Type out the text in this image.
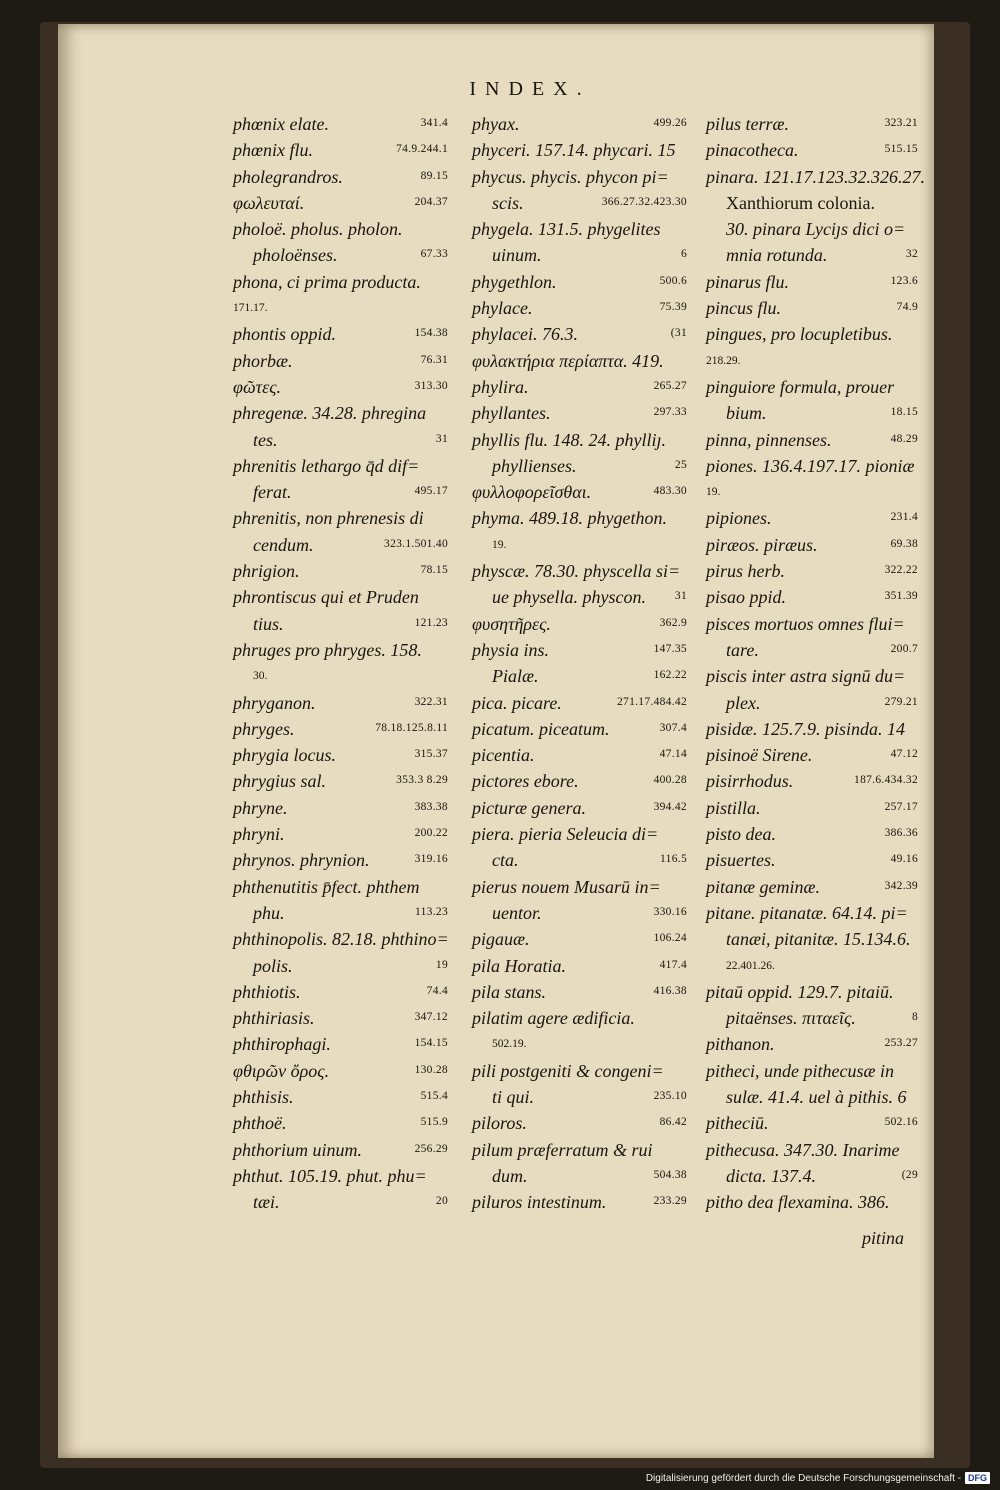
INDEX.
phœnix elate.	341.4
phœnix flu.	74.9.244.1
pholegrandros.	89.15
φωλευταί.	204.37
pholoë. pholus. pholon.
pholoënses.	67.33
phona, ci prima producta.
171.17.
phontis oppid.	154.38
phorbæ.	76.31
φῶτες.	313.30
phregenæ. 34.28. phregina
tes.	31
phrenitis lethargo q̄d dif=
ferat.	495.17
phrenitis, non phrenesis di
cendum.	323.1.501.40
phrigion.	78.15
phrontiscus qui et Pruden
tius.	121.23
phruges pro phryges. 158.
30.
phryganon.	322.31
phryges.	78.18.125.8.11
phrygia locus.	315.37
phrygius sal.	353.3 8.29
phryne.	383.38
phryni.	200.22
phrynos. phrynion.	319.16
phthenutitis p̄fect. phthem
phu.	113.23
phthinopolis. 82.18. phthino=
polis.	19
phthiotis.	74.4
phthiriasis.	347.12
phthirophagi.	154.15
φθιρῶν ὄρος.	130.28
phthisis.	515.4
phthoë.	515.9
phthorium uinum.	256.29
phthut. 105.19. phut. phu=
tæi.	20
phyax.	499.26
phyceri. 157.14. phycari. 15
phycus. phycis. phycon pi=
scis.	366.27.32.423.30
phygela. 131.5. phygelites
uinum.	6
phygethlon.	500.6
phylace.	75.39
phylacei. 76.3.	(31
φυλακτήρια περίαπτα. 419.
phylira.	265.27
phyllantes.	297.33
phyllis flu. 148. 24. phylliȷ.
phyllienses.	25
φυλλοφορεῖσθαι.	483.30
phyma. 489.18. phygethon.
19.
physcæ. 78.30. physcella si=
ue physella. physcon.	31
φυσητῆρες.	362.9
physia ins.	147.35
Pialæ.	162.22
pica. picare.	271.17.484.42
picatum. piceatum.	307.4
picentia.	47.14
pictores ebore.	400.28
picturæ genera.	394.42
piera. pieria Seleucia di=
cta.	116.5
pierus nouem Musarū in=
uentor.	330.16
pigauæ.	106.24
pila Horatia.	417.4
pila stans.	416.38
pilatim agere ædificia.
502.19.
pili postgeniti & congeni=
ti qui.	235.10
piloros.	86.42
pilum præferratum & rui
dum.	504.38
piluros intestinum.	233.29
pilus terræ.	323.21
pinacotheca.	515.15
pinara. 121.17.123.32.326.27.
Xanthiorum colonia.
30. pinara Lyciȷs dici o=
mnia rotunda.	32
pinarus flu.	123.6
pincus flu.	74.9
pingues, pro locupletibus.
218.29.
pinguiore formula, prouer
bium.	18.15
pinna, pinnenses.	48.29
piones. 136.4.197.17. pioniæ
19.
pipiones.	231.4
piræos. piræus.	69.38
pirus herb.	322.22
pisao ppid.	351.39
pisces mortuos omnes flui=
tare.	200.7
piscis inter astra signū du=
plex.	279.21
pisidæ. 125.7.9. pisinda. 14
pisinoë Sirene.	47.12
pisirrhodus.	187.6.434.32
pistilla.	257.17
pisto dea.	386.36
pisuertes.	49.16
pitanæ geminæ.	342.39
pitane. pitanatæ. 64.14. pi=
tanæi, pitanitæ. 15.134.6.
22.401.26.
pitaū oppid. 129.7. pitaiū.
pitaënses. πιταεῖς.	8
pithanon.	253.27
pitheci, unde pithecusæ in
sulæ. 41.4. uel à pithis. 6
pitheciū.	502.16
pithecusa. 347.30. Inarime
dicta. 137.4.	(29
pitho dea flexamina. 386.
pitina
Digitalisierung gefördert durch die Deutsche Forschungsgemeinschaft - DFG
